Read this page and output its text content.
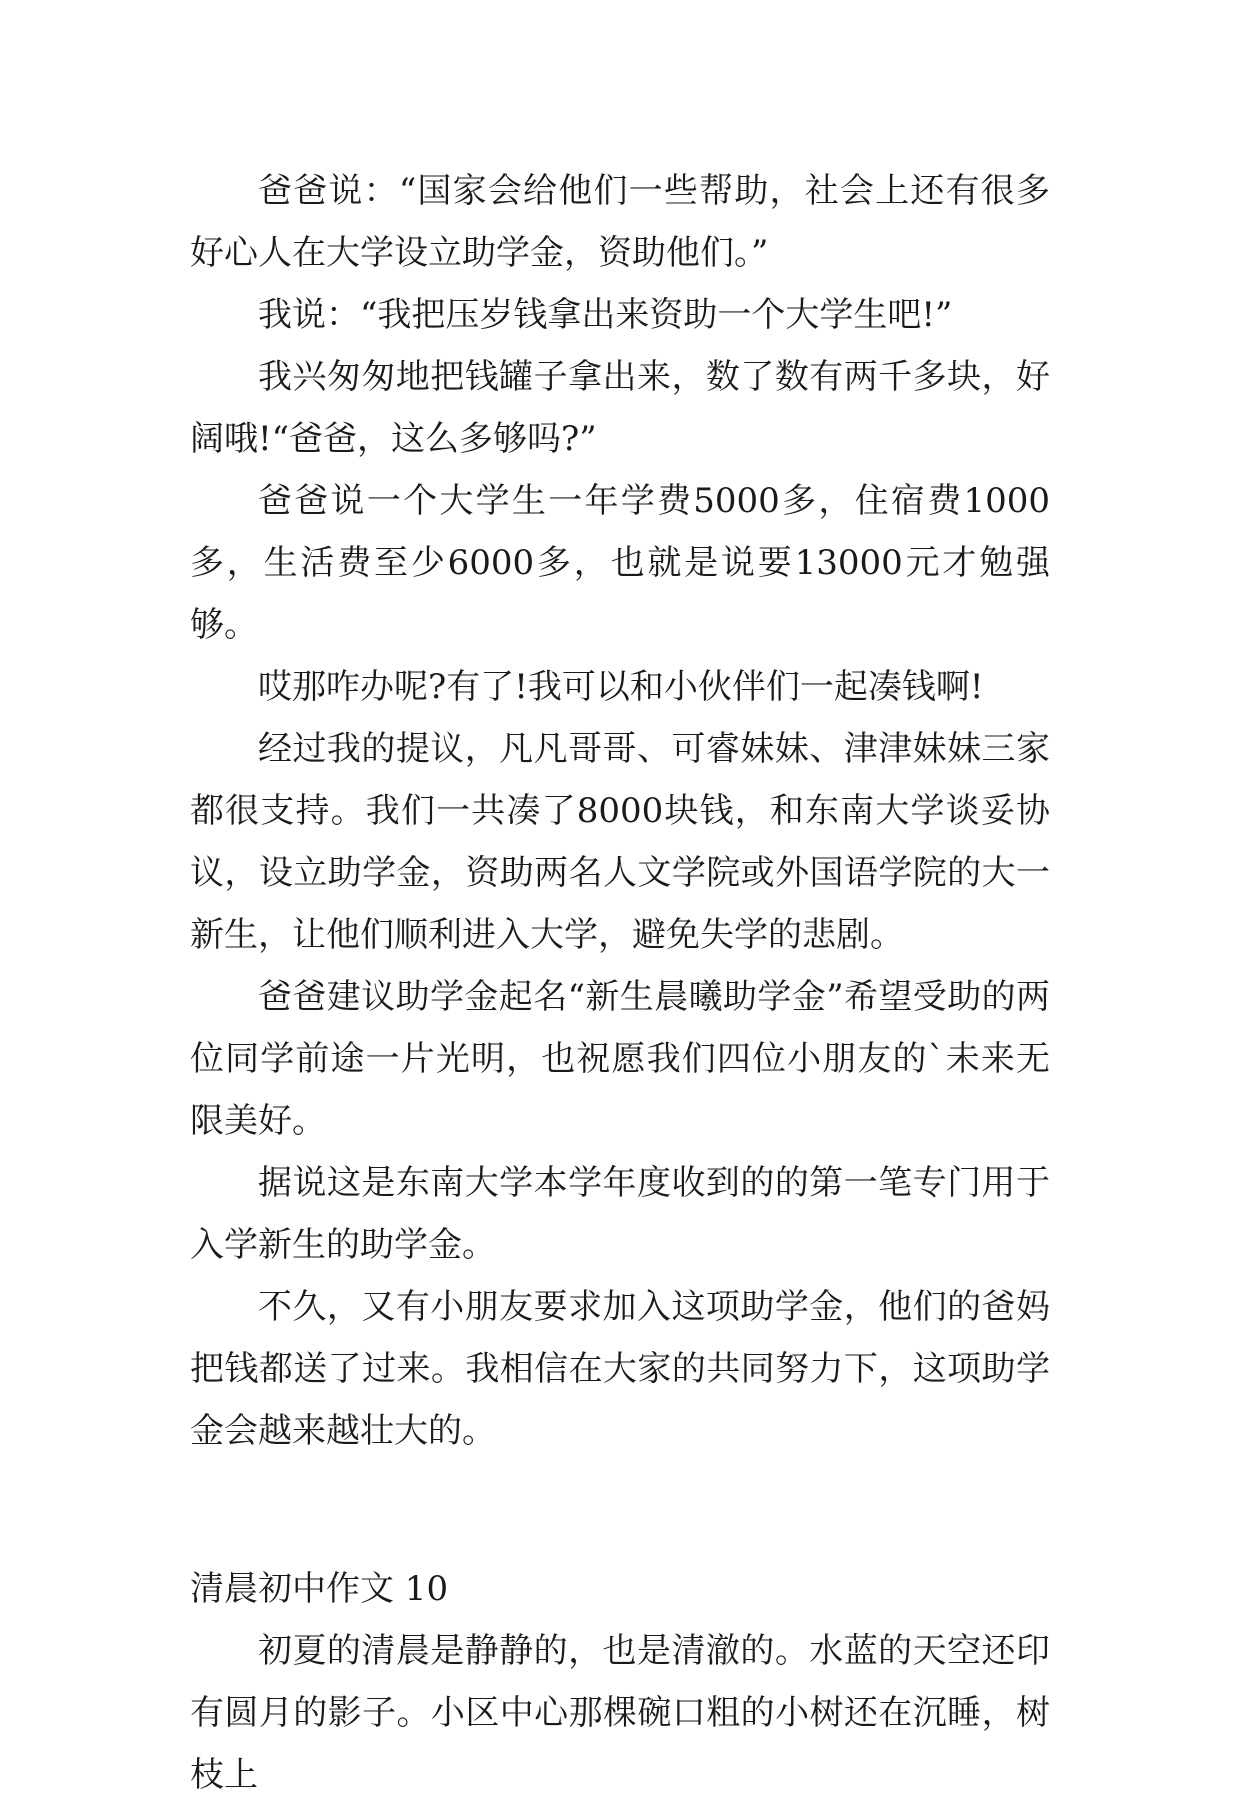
爸爸说：“国家会给他们一些帮助，社会上还有很多好心人在大学设立助学金，资助他们。”

我说：“我把压岁钱拿出来资助一个大学生吧!”

我兴匆匆地把钱罐子拿出来，数了数有两千多块，好阔哦!“爸爸，这么多够吗?”

爸爸说一个大学生一年学费5000多，住宿费1000多，生活费至少6000多，也就是说要13000元才勉强够。

哎那咋办呢?有了!我可以和小伙伴们一起凑钱啊!

经过我的提议，凡凡哥哥、可睿妹妹、津津妹妹三家都很支持。我们一共凑了8000块钱，和东南大学谈妥协议，设立助学金，资助两名人文学院或外国语学院的大一新生，让他们顺利进入大学，避免失学的悲剧。

爸爸建议助学金起名“新生晨曦助学金”希望受助的两位同学前途一片光明，也祝愿我们四位小朋友的`未来无限美好。

据说这是东南大学本学年度收到的的第一笔专门用于入学新生的助学金。

不久，又有小朋友要求加入这项助学金，他们的爸妈把钱都送了过来。我相信在大家的共同努力下，这项助学金会越来越壮大的。

清晨初中作文 10

初夏的清晨是静静的，也是清澈的。水蓝的天空还印有圆月的影子。小区中心那棵碗口粗的小树还在沉睡，树枝上
